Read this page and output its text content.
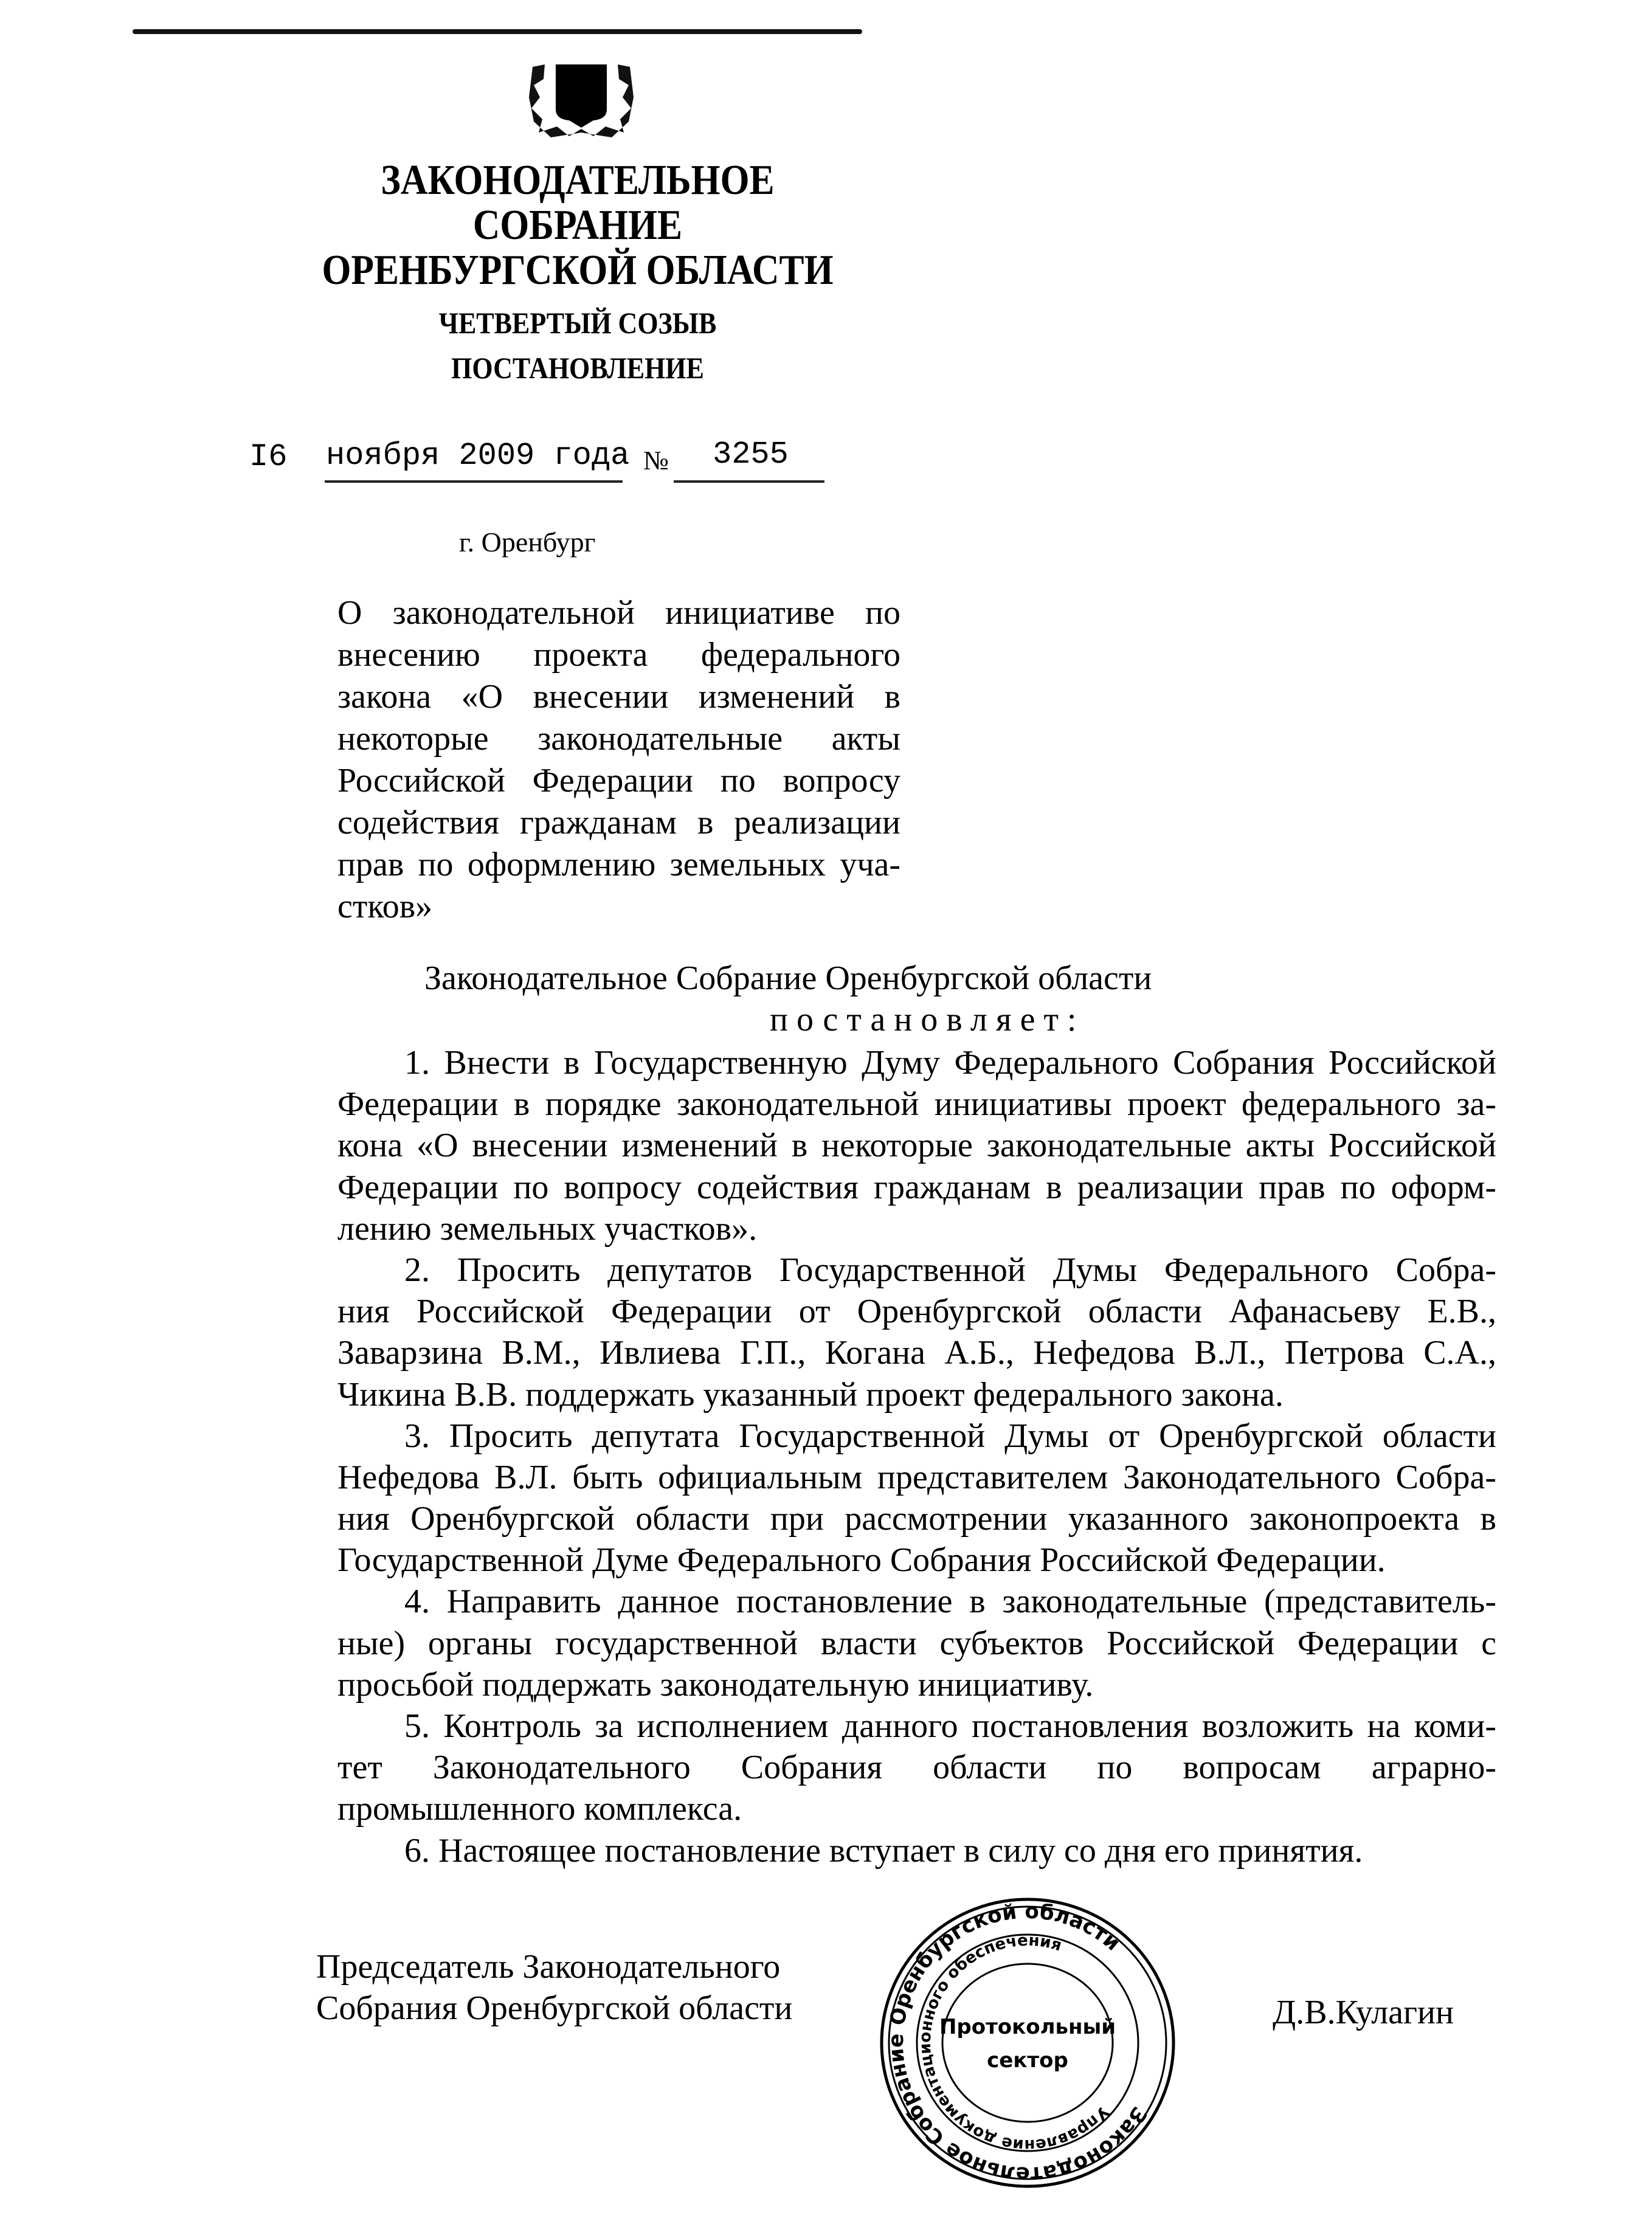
ЗАКОНОДАТЕЛЬНОЕ
СОБРАНИЕ
ОРЕНБУРГСКОЙ ОБЛАСТИ
ЧЕТВЕРТЫЙ СОЗЫВ
ПОСТАНОВЛЕНИЕ
I6 ноября 2009 года № 3255
г. Оренбург
О законодательной инициативе по
внесению проекта федерального
закона «О внесении изменений в
некоторые законодательные акты
Российской Федерации по вопросу
содействия гражданам в реализации
прав по оформлению земельных уча-
стков»
Законодательное Собрание Оренбургской области
постановляет:
1. Внести в Государственную Думу Федерального Собрания Российской
Федерации в порядке законодательной инициативы проект федерального за-
кона «О внесении изменений в некоторые законодательные акты Российской
Федерации по вопросу содействия гражданам в реализации прав по оформ-
лению земельных участков».
2. Просить депутатов Государственной Думы Федерального Собра-
ния Российской Федерации от Оренбургской области Афанасьеву Е.В.,
Заварзина В.М., Ивлиева Г.П., Когана А.Б., Нефедова В.Л., Петрова С.А.,
Чикина В.В. поддержать указанный проект федерального закона.
3. Просить депутата Государственной Думы от Оренбургской области
Нефедова В.Л. быть официальным представителем Законодательного Собра-
ния Оренбургской области при рассмотрении указанного законопроекта в
Государственной Думе Федерального Собрания Российской Федерации.
4. Направить данное постановление в законодательные (представитель-
ные) органы государственной власти субъектов Российской Федерации с
просьбой поддержать законодательную инициативу.
5. Контроль за исполнением данного постановления возложить на коми-
тет Законодательного Собрания области по вопросам аграрно-
промышленного комплекса.
6. Настоящее постановление вступает в силу со дня его принятия.
Председатель Законодательного
Собрания Оренбургской области	Д.В.Кулагин
Законодательное Собрание Оренбургской области
Управление документационного обеспечения
Протокольный
сектор
